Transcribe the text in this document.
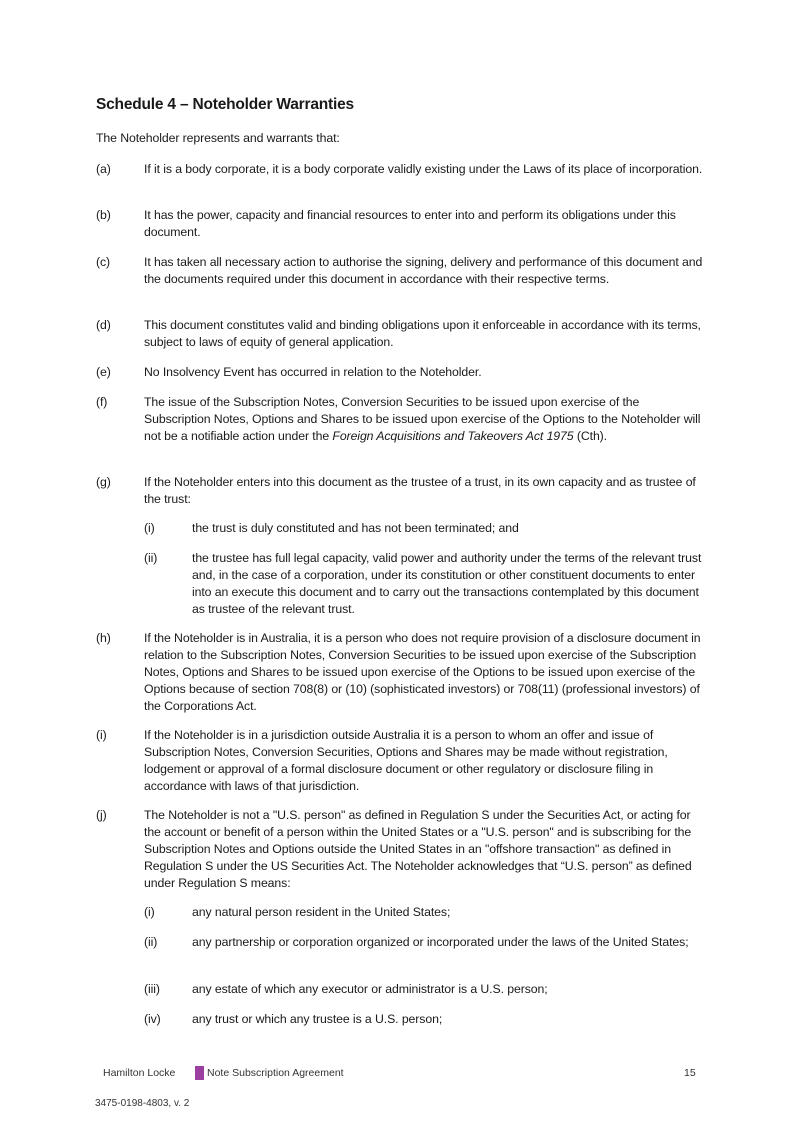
Schedule 4 – Noteholder Warranties
The Noteholder represents and warrants that:
(a)	If it is a body corporate, it is a body corporate validly existing under the Laws of its place of incorporation.
(b)	It has the power, capacity and financial resources to enter into and perform its obligations under this document.
(c)	It has taken all necessary action to authorise the signing, delivery and performance of this document and the documents required under this document in accordance with their respective terms.
(d)	This document constitutes valid and binding obligations upon it enforceable in accordance with its terms, subject to laws of equity of general application.
(e)	No Insolvency Event has occurred in relation to the Noteholder.
(f)	The issue of the Subscription Notes, Conversion Securities to be issued upon exercise of the Subscription Notes, Options and Shares to be issued upon exercise of the Options to the Noteholder will not be a notifiable action under the Foreign Acquisitions and Takeovers Act 1975 (Cth).
(g)	If the Noteholder enters into this document as the trustee of a trust, in its own capacity and as trustee of the trust:
(i)	the trust is duly constituted and has not been terminated; and
(ii)	the trustee has full legal capacity, valid power and authority under the terms of the relevant trust and, in the case of a corporation, under its constitution or other constituent documents to enter into an execute this document and to carry out the transactions contemplated by this document as trustee of the relevant trust.
(h)	If the Noteholder is in Australia, it is a person who does not require provision of a disclosure document in relation to the Subscription Notes, Conversion Securities to be issued upon exercise of the Subscription Notes, Options and Shares to be issued upon exercise of the Options to be issued upon exercise of the Options because of section 708(8) or (10) (sophisticated investors) or 708(11) (professional investors) of the Corporations Act.
(i)	If the Noteholder is in a jurisdiction outside Australia it is a person to whom an offer and issue of Subscription Notes, Conversion Securities, Options and Shares may be made without registration, lodgement or approval of a formal disclosure document or other regulatory or disclosure filing in accordance with laws of that jurisdiction.
(j)	The Noteholder is not a "U.S. person" as defined in Regulation S under the Securities Act, or acting for the account or benefit of a person within the United States or a "U.S. person" and is subscribing for the Subscription Notes and Options outside the United States in an "offshore transaction" as defined in Regulation S under the US Securities Act. The Noteholder acknowledges that “U.S. person” as defined under Regulation S means:
(i)	any natural person resident in the United States;
(ii)	any partnership or corporation organized or incorporated under the laws of the United States;
(iii)	any estate of which any executor or administrator is a U.S. person;
(iv)	any trust or which any trustee is a U.S. person;
Hamilton Locke	Note Subscription Agreement	15
3475-0198-4803, v. 2
